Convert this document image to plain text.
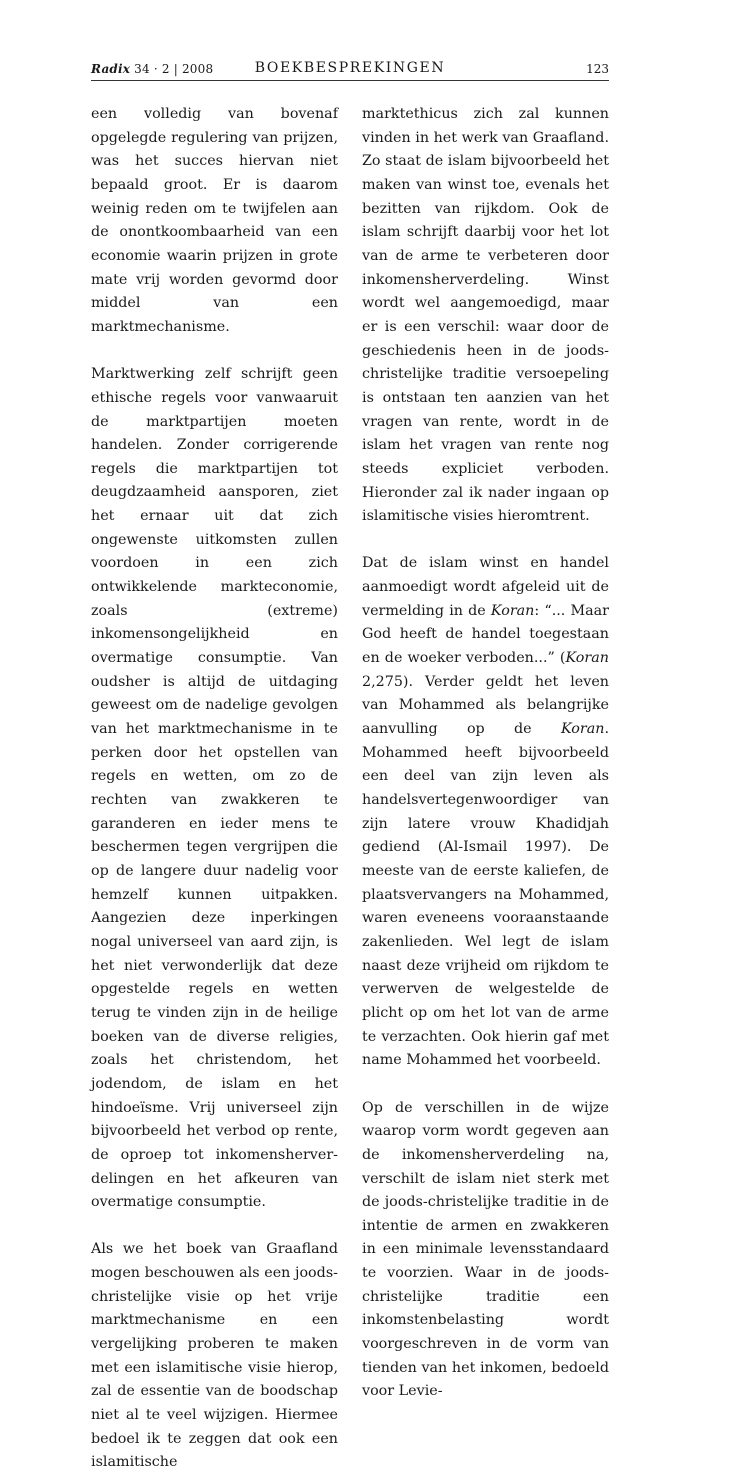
Radix 34 · 2 | 2008	BOEKBESPREKINGEN	123

een volledig van bovenaf opgelegde regulering van prijzen, was het succes hiervan niet bepaald groot. Er is daarom weinig reden om te twijfelen aan de onontkoombaarheid van een economie waarin prijzen in grote mate vrij worden gevormd door middel van een marktmechanisme.

Marktwerking zelf schrijft geen ethische regels voor vanwaaruit de marktpartijen moeten handelen. Zonder corrigerende regels die marktpartijen tot deugdzaamheid aansporen, ziet het ernaar uit dat zich ongewenste uitkomsten zullen voordoen in een zich ontwikkelende markteconomie, zoals (extreme) inkomensongelijkheid en overmatige consumptie. Van oudsher is altijd de uitdaging geweest om de nadelige gevolgen van het marktmechanisme in te perken door het opstellen van regels en wetten, om zo de rechten van zwakkeren te garanderen en ieder mens te beschermen tegen vergrijpen die op de langere duur nadelig voor hemzelf kunnen uitpakken. Aangezien deze inperkingen nogal universeel van aard zijn, is het niet verwonderlijk dat deze opgestelde regels en wetten terug te vinden zijn in de heilige boeken van de diverse religies, zoals het christendom, het jodendom, de islam en het hindoeïsme. Vrij universeel zijn bijvoorbeeld het verbod op rente, de oproep tot inkomensherverdelingen en het afkeuren van overmatige consumptie.

Als we het boek van Graafland mogen beschouwen als een joods-christelijke visie op het vrije marktmechanisme en een vergelijking proberen te maken met een islamitische visie hierop, zal de essentie van de boodschap niet al te veel wijzigen. Hiermee bedoel ik te zeggen dat ook een islamitische

marktethicus zich zal kunnen vinden in het werk van Graafland. Zo staat de islam bijvoorbeeld het maken van winst toe, evenals het bezitten van rijkdom. Ook de islam schrijft daarbij voor het lot van de arme te verbeteren door inkomensherverdeling. Winst wordt wel aangemoedigd, maar er is een verschil: waar door de geschiedenis heen in de joods-christelijke traditie versoepeling is ontstaan ten aanzien van het vragen van rente, wordt in de islam het vragen van rente nog steeds expliciet verboden. Hieronder zal ik nader ingaan op islamitische visies hieromtrent.

Dat de islam winst en handel aanmoedigt wordt afgeleid uit de vermelding in de Koran: “... Maar God heeft de handel toegestaan en de woeker verboden...” (Koran 2,275). Verder geldt het leven van Mohammed als belangrijke aanvulling op de Koran. Mohammed heeft bijvoorbeeld een deel van zijn leven als handelsvertegenwoordiger van zijn latere vrouw Khadidjah gediend (Al-Ismail 1997). De meeste van de eerste kaliefen, de plaatsvervangers na Mohammed, waren eveneens vooraanstaande zakenlieden. Wel legt de islam naast deze vrijheid om rijkdom te verwerven de welgestelde de plicht op om het lot van de arme te verzachten. Ook hierin gaf met name Mohammed het voorbeeld.

Op de verschillen in de wijze waarop vorm wordt gegeven aan de inkomensherverdeling na, verschilt de islam niet sterk met de joods-christelijke traditie in de intentie de armen en zwakkeren in een minimale levensstandaard te voorzien. Waar in de joods-christelijke traditie een inkomstenbelasting wordt voorgeschreven in de vorm van tienden van het inkomen, bedoeld voor Levie-
